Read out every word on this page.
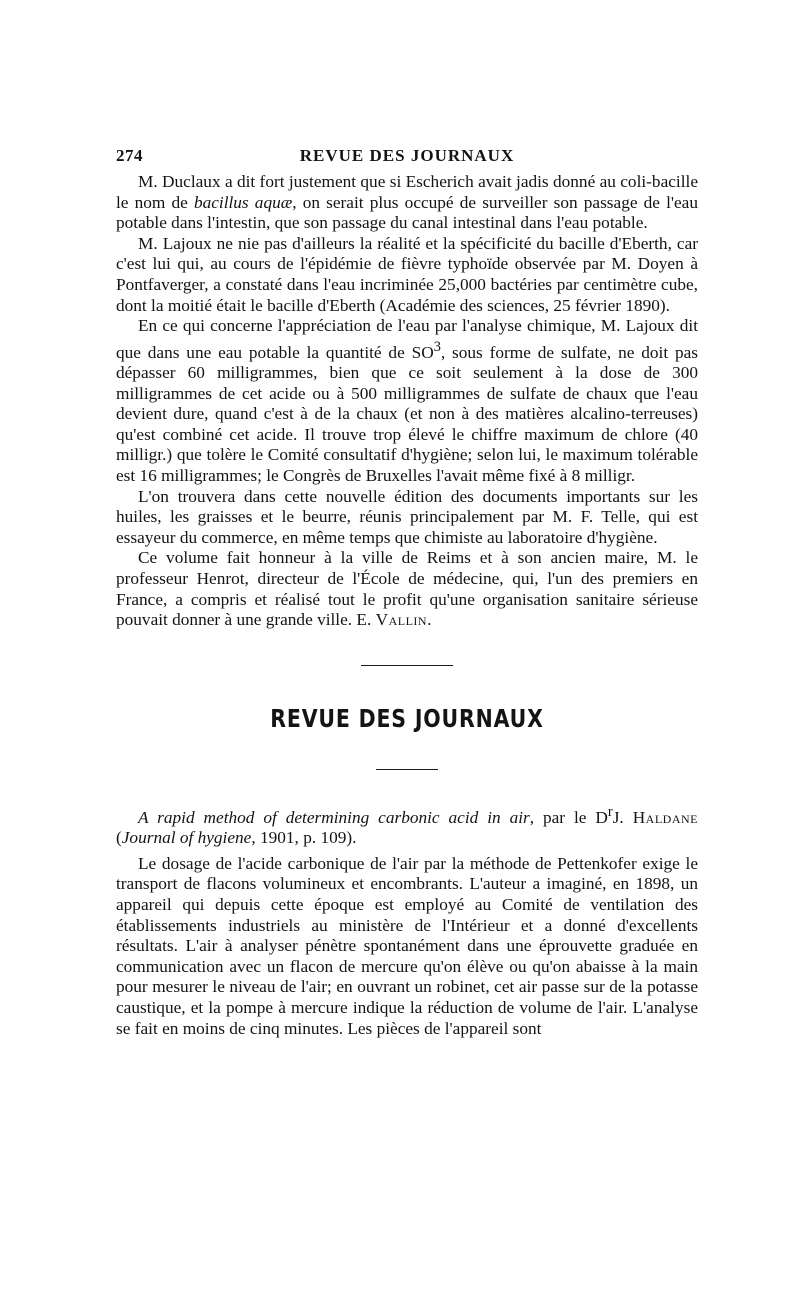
274	REVUE DES JOURNAUX

M. Duclaux a dit fort justement que si Escherich avait jadis donné au coli-bacille le nom de bacillus aquæ, on serait plus occupé de surveiller son passage de l'eau potable dans l'intestin, que son passage du canal intestinal dans l'eau potable.

M. Lajoux ne nie pas d'ailleurs la réalité et la spécificité du bacille d'Eberth, car c'est lui qui, au cours de l'épidémie de fièvre typhoïde observée par M. Doyen à Pontfaverger, a constaté dans l'eau incriminée 25,000 bactéries par centimètre cube, dont la moitié était le bacille d'Eberth (Académie des sciences, 25 février 1890).

En ce qui concerne l'appréciation de l'eau par l'analyse chimique, M. Lajoux dit que dans une eau potable la quantité de $SO^3$, sous forme de sulfate, ne doit pas dépasser 60 milligrammes, bien que ce soit seulement à la dose de 300 milligrammes de cet acide ou à 500 milligrammes de sulfate de chaux que l'eau devient dure, quand c'est à de la chaux (et non à des matières alcalino-terreuses) qu'est combiné cet acide. Il trouve trop élevé le chiffre maximum de chlore (40 milligr.) que tolère le Comité consultatif d'hygiène; selon lui, le maximum tolérable est 16 milligrammes; le Congrès de Bruxelles l'avait même fixé à 8 milligr.

L'on trouvera dans cette nouvelle édition des documents importants sur les huiles, les graisses et le beurre, réunis principalement par M. F. Telle, qui est essayeur du commerce, en même temps que chimiste au laboratoire d'hygiène.

Ce volume fait honneur à la ville de Reims et à son ancien maire, M. le professeur Henrot, directeur de l'École de médecine, qui, l'un des premiers en France, a compris et réalisé tout le profit qu'une organisation sanitaire sérieuse pouvait donner à une grande ville. E. Vallin.

REVUE DES JOURNAUX

A rapid method of determining carbonic acid in air, par le $D^rJ$. Haldane (Journal of hygiene, 1901, p. 109).

Le dosage de l'acide carbonique de l'air par la méthode de Pettenkofer exige le transport de flacons volumineux et encombrants. L'auteur a imaginé, en 1898, un appareil qui depuis cette époque est employé au Comité de ventilation des établissements industriels au ministère de l'Intérieur et a donné d'excellents résultats. L'air à analyser pénètre spontanément dans une éprouvette graduée en communication avec un flacon de mercure qu'on élève ou qu'on abaisse à la main pour mesurer le niveau de l'air; en ouvrant un robinet, cet air passe sur de la potasse caustique, et la pompe à mercure indique la réduction de volume de l'air. L'analyse se fait en moins de cinq minutes. Les pièces de l'appareil sont
